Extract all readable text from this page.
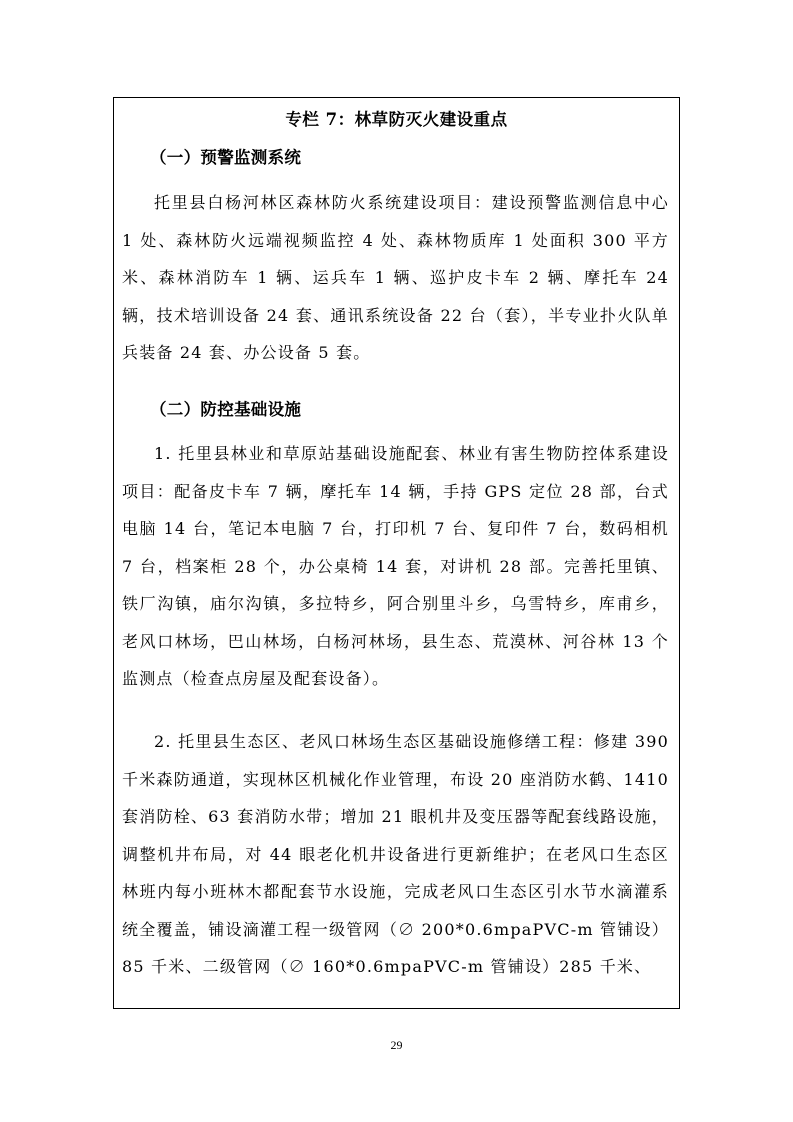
专栏 7：林草防灭火建设重点
（一）预警监测系统
托里县白杨河林区森林防火系统建设项目：建设预警监测信息中心 1 处、森林防火远端视频监控 4 处、森林物质库 1 处面积 300 平方米、森林消防车 1 辆、运兵车 1 辆、巡护皮卡车 2 辆、摩托车 24 辆，技术培训设备 24 套、通讯系统设备 22 台（套），半专业扑火队单兵装备 24 套、办公设备 5 套。
（二）防控基础设施
1. 托里县林业和草原站基础设施配套、林业有害生物防控体系建设项目：配备皮卡车 7 辆，摩托车 14 辆，手持 GPS 定位 28 部，台式电脑 14 台，笔记本电脑 7 台，打印机 7 台、复印件 7 台，数码相机 7 台，档案柜 28 个，办公桌椅 14 套，对讲机 28 部。完善托里镇、铁厂沟镇，庙尔沟镇，多拉特乡，阿合别里斗乡，乌雪特乡，库甫乡，老风口林场，巴山林场，白杨河林场，县生态、荒漠林、河谷林 13 个监测点（检查点房屋及配套设备）。
2. 托里县生态区、老风口林场生态区基础设施修缮工程：修建 390 千米森防通道，实现林区机械化作业管理，布设 20 座消防水鹤、1410 套消防栓、63 套消防水带；增加 21 眼机井及变压器等配套线路设施，调整机井布局，对 44 眼老化机井设备进行更新维护；在老风口生态区林班内每小班林木都配套节水设施，完成老风口生态区引水节水滴灌系统全覆盖，铺设滴灌工程一级管网（∅ 200*0.6mpaPVC-m 管铺设）85 千米、二级管网（∅ 160*0.6mpaPVC-m 管铺设）285 千米、
29
